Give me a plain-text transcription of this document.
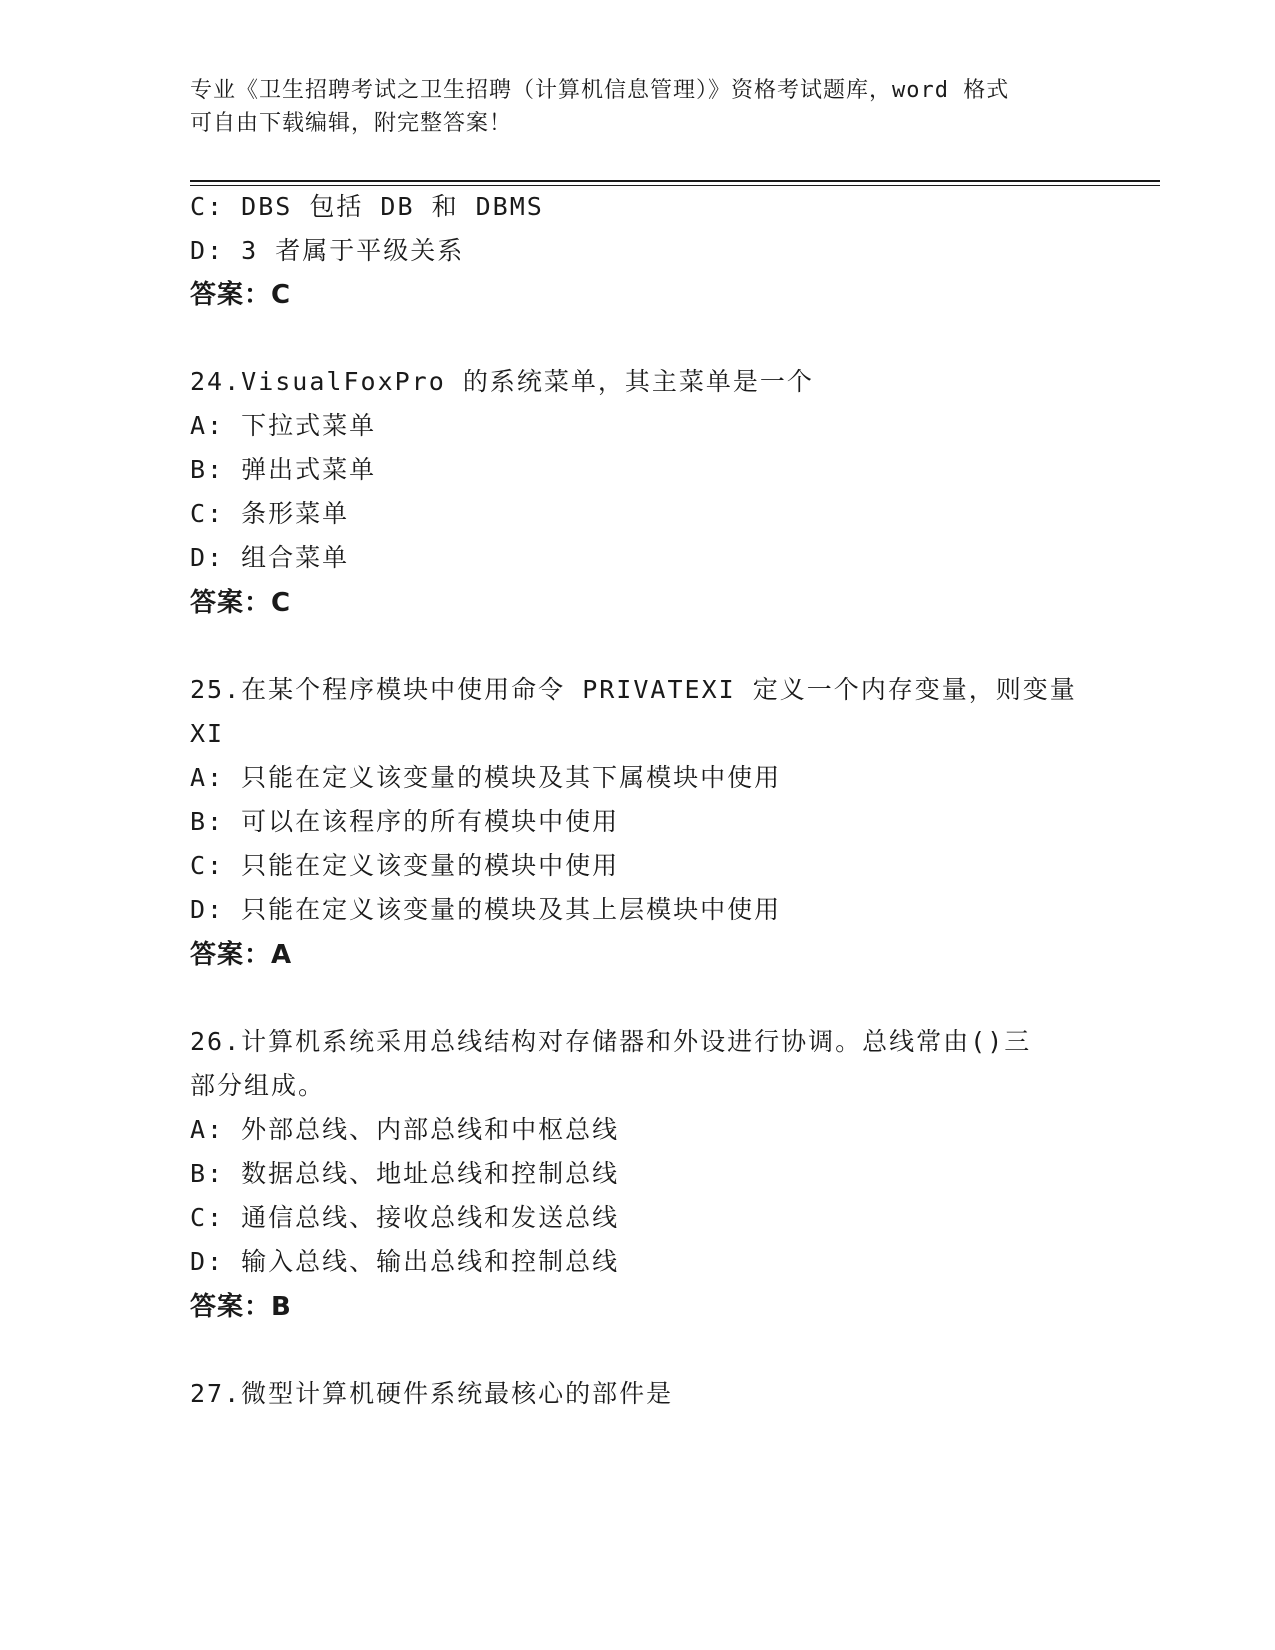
专业《卫生招聘考试之卫生招聘（计算机信息管理）》资格考试题库，word 格式
可自由下载编辑，附完整答案！
C: DBS 包括 DB 和 DBMS
D: 3 者属于平级关系
答案：C
24.VisualFoxPro 的系统菜单，其主菜单是一个
A: 下拉式菜单
B: 弹出式菜单
C: 条形菜单
D: 组合菜单
答案：C
25.在某个程序模块中使用命令 PRIVATEXI 定义一个内存变量，则变量
XI
A: 只能在定义该变量的模块及其下属模块中使用
B: 可以在该程序的所有模块中使用
C: 只能在定义该变量的模块中使用
D: 只能在定义该变量的模块及其上层模块中使用
答案：A
26.计算机系统采用总线结构对存储器和外设进行协调。总线常由()三
部分组成。
A: 外部总线、内部总线和中枢总线
B: 数据总线、地址总线和控制总线
C: 通信总线、接收总线和发送总线
D: 输入总线、输出总线和控制总线
答案：B
27.微型计算机硬件系统最核心的部件是
